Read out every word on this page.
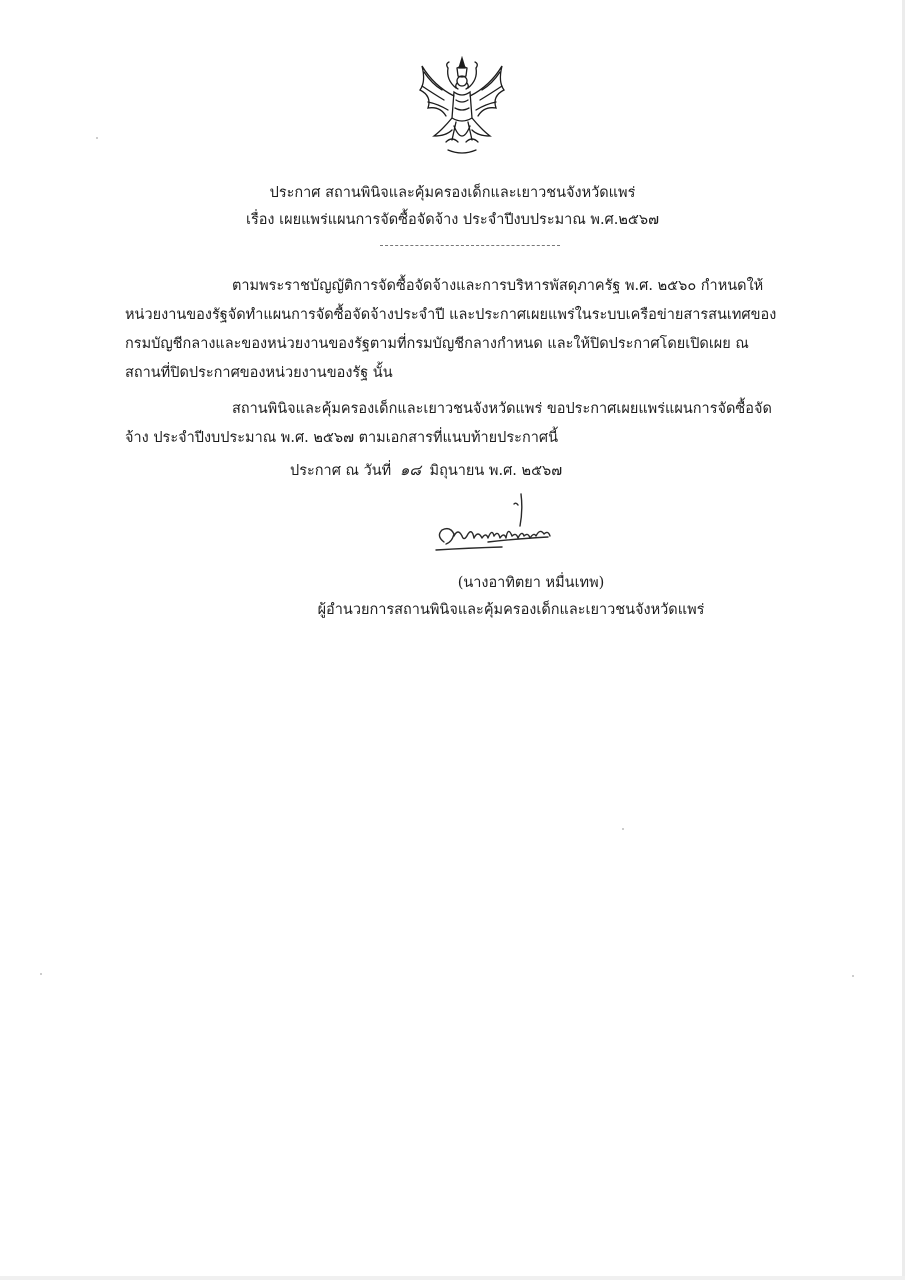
ประกาศ สถานพินิจและคุ้มครองเด็กและเยาวชนจังหวัดแพร่
เรื่อง เผยแพร่แผนการจัดซื้อจัดจ้าง ประจำปีงบประมาณ พ.ศ.๒๕๖๗
ตามพระราชบัญญัติการจัดซื้อจัดจ้างและการบริหารพัสดุภาครัฐ พ.ศ. ๒๕๖๐ กำหนดให้
หน่วยงานของรัฐจัดทำแผนการจัดซื้อจัดจ้างประจำปี และประกาศเผยแพร่ในระบบเครือข่ายสารสนเทศของ
กรมบัญชีกลางและของหน่วยงานของรัฐตามที่กรมบัญชีกลางกำหนด และให้ปิดประกาศโดยเปิดเผย ณ
สถานที่ปิดประกาศของหน่วยงานของรัฐ นั้น
สถานพินิจและคุ้มครองเด็กและเยาวชนจังหวัดแพร่ ขอประกาศเผยแพร่แผนการจัดซื้อจัด
จ้าง ประจำปีงบประมาณ พ.ศ. ๒๕๖๗ ตามเอกสารที่แนบท้ายประกาศนี้
ประกาศ ณ วันที่ ๑๘ มิถุนายน พ.ศ. ๒๕๖๗
(นางอาทิตยา หมื่นเทพ)
ผู้อำนวยการสถานพินิจและคุ้มครองเด็กและเยาวชนจังหวัดแพร่
